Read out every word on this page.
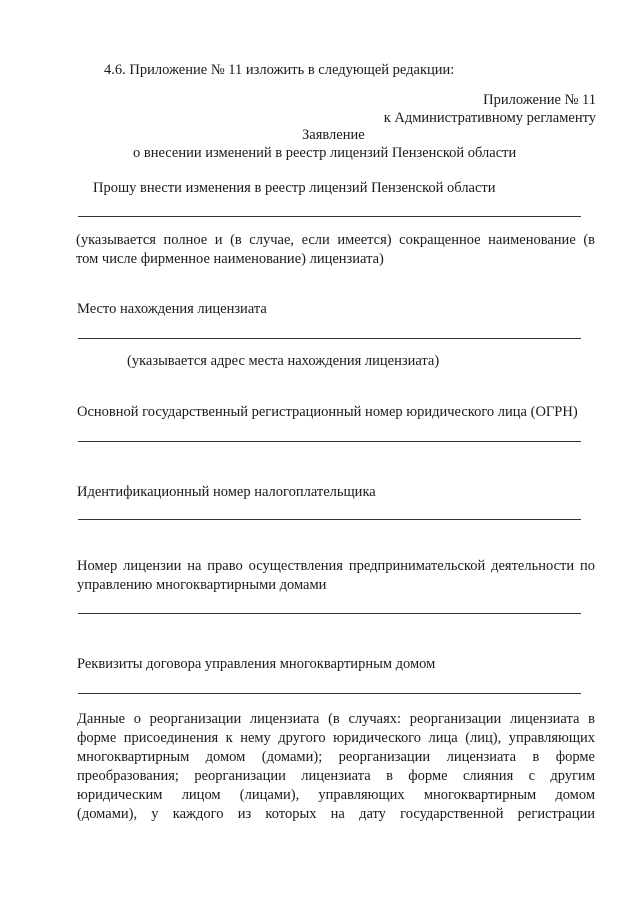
4.6. Приложение № 11 изложить в следующей редакции:
Приложение № 11
к Административному регламенту
Заявление
о внесении изменений в реестр лицензий Пензенской области
Прошу внести изменения в реестр лицензий Пензенской области
(указывается полное и (в случае, если имеется) сокращенное наименование (в
том числе фирменное наименование) лицензиата)
Место нахождения лицензиата
(указывается адрес места нахождения лицензиата)
Основной государственный регистрационный номер юридического лица (ОГРН)
Идентификационный номер налогоплательщика
Номер лицензии на право осуществления предпринимательской деятельности по
управлению многоквартирными домами
Реквизиты договора управления многоквартирным домом
Данные о реорганизации лицензиата (в случаях: реорганизации лицензиата в
форме присоединения к нему другого юридического лица (лиц), управляющих
многоквартирным домом (домами); реорганизации лицензиата в форме
преобразования; реорганизации лицензиата в форме слияния с другим
юридическим лицом (лицами), управляющих многоквартирным домом
(домами), у каждого из которых на дату государственной регистрации
